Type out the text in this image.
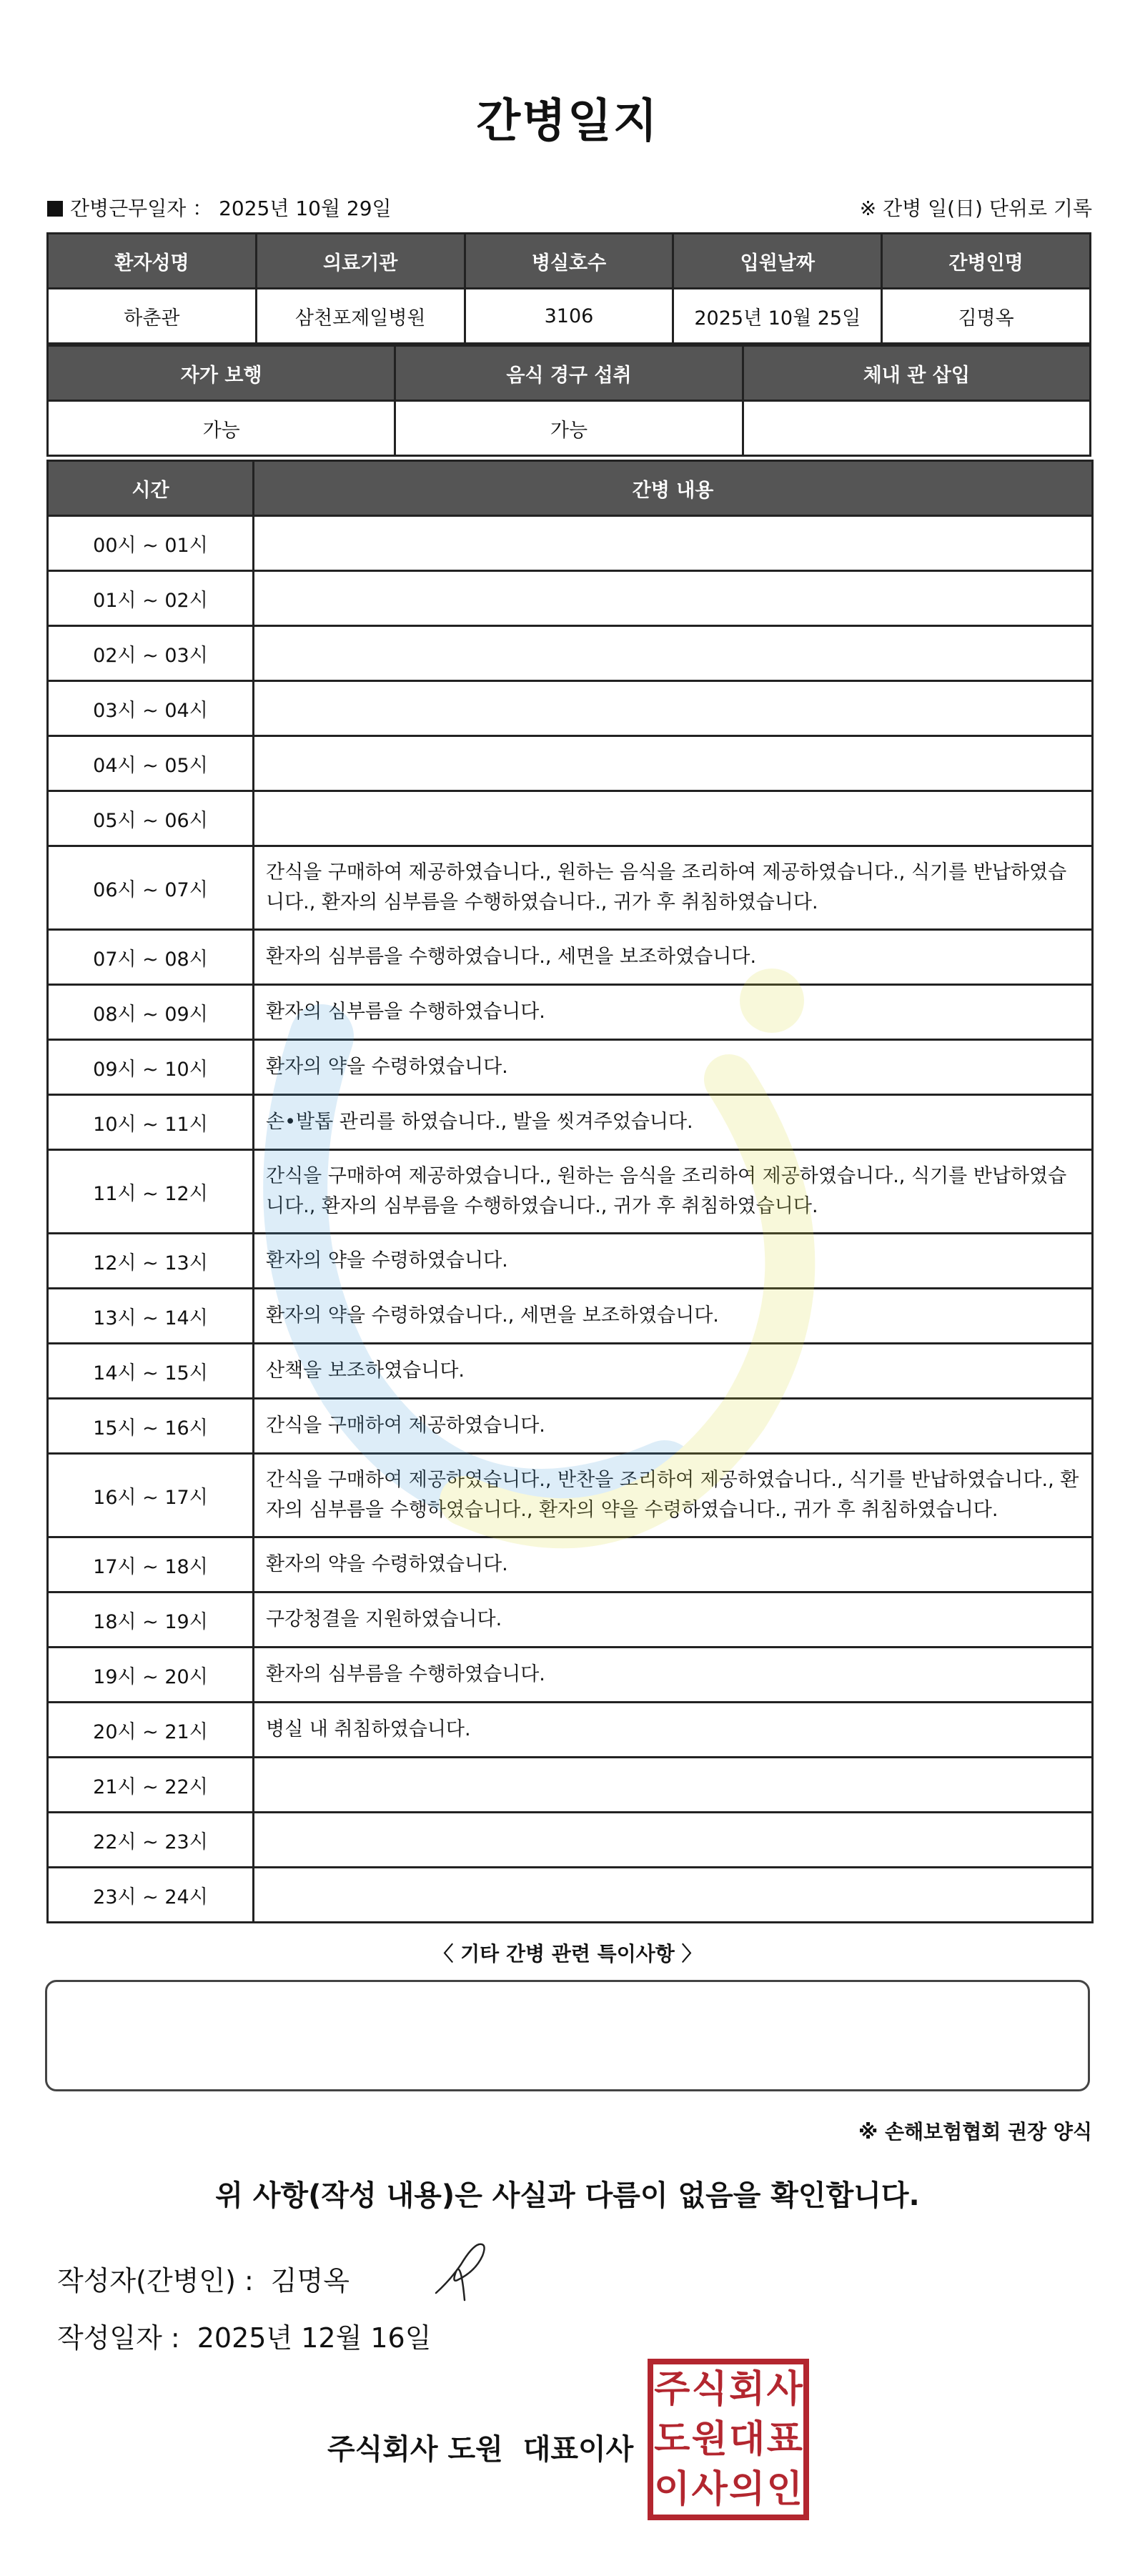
간병일지
간병근무일자 ： 2025년 10월 29일	※ 간병 일(日) 단위로 기록
환자성명	의료기관	병실호수	입원날짜	간병인명
하춘관	삼천포제일병원	3106	2025년 10월 25일	김명옥
자가 보행	음식 경구 섭취	체내 관 삽입
가능	가능	
시간	간병 내용
00시 ~ 01시	
01시 ~ 02시	
02시 ~ 03시	
03시 ~ 04시	
04시 ~ 05시	
05시 ~ 06시	
06시 ~ 07시	간식을 구매하여 제공하였습니다., 원하는 음식을 조리하여 제공하였습니다., 식기를 반납하였습니다., 환자의 심부름을 수행하였습니다., 귀가 후 취침하였습니다.
07시 ~ 08시	환자의 심부름을 수행하였습니다., 세면을 보조하였습니다.
08시 ~ 09시	환자의 심부름을 수행하였습니다.
09시 ~ 10시	환자의 약을 수령하였습니다.
10시 ~ 11시	손•발톱 관리를 하였습니다., 발을 씻겨주었습니다.
11시 ~ 12시	간식을 구매하여 제공하였습니다., 원하는 음식을 조리하여 제공하였습니다., 식기를 반납하였습니다., 환자의 심부름을 수행하였습니다., 귀가 후 취침하였습니다.
12시 ~ 13시	환자의 약을 수령하였습니다.
13시 ~ 14시	환자의 약을 수령하였습니다., 세면을 보조하였습니다.
14시 ~ 15시	산책을 보조하였습니다.
15시 ~ 16시	간식을 구매하여 제공하였습니다.
16시 ~ 17시	간식을 구매하여 제공하였습니다., 반찬을 조리하여 제공하였습니다., 식기를 반납하였습니다., 환자의 심부름을 수행하였습니다., 환자의 약을 수령하였습니다., 귀가 후 취침하였습니다.
17시 ~ 18시	환자의 약을 수령하였습니다.
18시 ~ 19시	구강청결을 지원하였습니다.
19시 ~ 20시	환자의 심부름을 수행하였습니다.
20시 ~ 21시	병실 내 취침하였습니다.
21시 ~ 22시	
22시 ~ 23시	
23시 ~ 24시	
〈 기타 간병 관련 특이사항 〉
※ 손해보험협회 권장 양식
위 사항(작성 내용)은 사실과 다름이 없음을 확인합니다.
작성자(간병인) : 김명옥
작성일자 : 2025년 12월 16일
주식회사 도원 대표이사
주 식 회 사
도 원 대 표
이 사 의 인
